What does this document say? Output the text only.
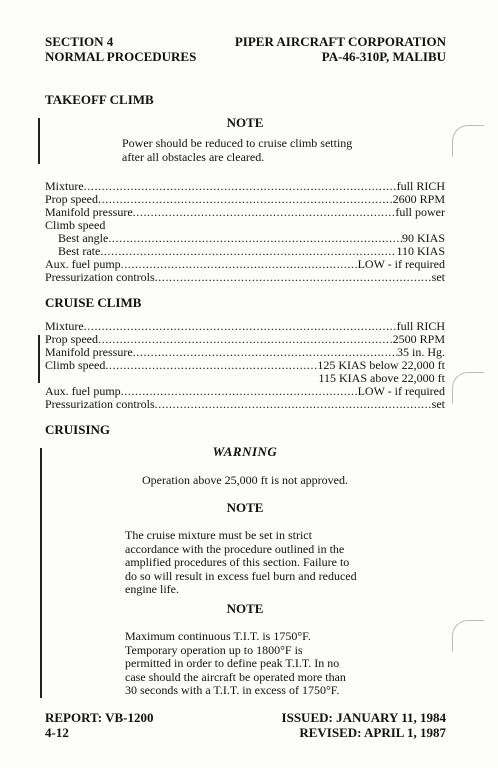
SECTION 4
NORMAL PROCEDURES
PIPER AIRCRAFT CORPORATION
PA-46-310P, MALIBU
TAKEOFF CLIMB
NOTE
Power should be reduced to cruise climb setting
after all obstacles are cleared.
Mixture . . .	full RICH
Prop speed . . .	2600 RPM
Manifold pressure . . .	full power
Climb speed
Best angle . . .	90 KIAS
Best rate . . .	110 KIAS
Aux. fuel pump . . .	LOW - if required
Pressurization controls . . .	set
CRUISE CLIMB
Mixture . . .	full RICH
Prop speed . . .	2500 RPM
Manifold pressure . . .	35 in. Hg.
Climb speed . . .	125 KIAS below 22,000 ft
115 KIAS above 22,000 ft
Aux. fuel pump . . .	LOW - if required
Pressurization controls . . .	set
CRUISING
WARNING
Operation above 25,000 ft is not approved.
NOTE
The cruise mixture must be set in strict
accordance with the procedure outlined in the
amplified procedures of this section. Failure to
do so will result in excess fuel burn and reduced
engine life.
NOTE
Maximum continuous T.I.T. is 1750°F.
Temporary operation up to 1800°F is
permitted in order to define peak T.I.T. In no
case should the aircraft be operated more than
30 seconds with a T.I.T. in excess of 1750°F.
REPORT: VB-1200
4-12
ISSUED: JANUARY 11, 1984
REVISED: APRIL 1, 1987
